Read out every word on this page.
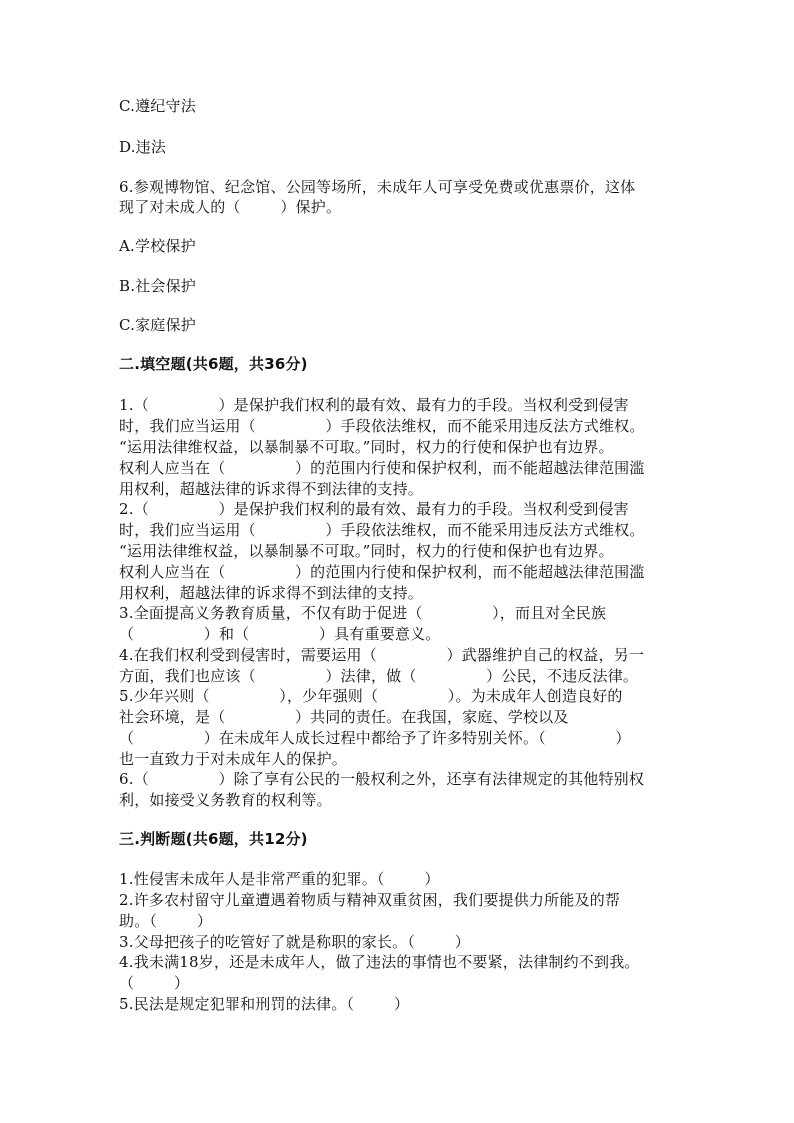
C.遵纪守法
D.违法
6.参观博物馆、纪念馆、公园等场所，未成年人可享受免费或优惠票价，这体
现了对未成人的（        ）保护。
A.学校保护
B.社会保护
C.家庭保护
二.填空题(共6题，共36分)
1.（              ）是保护我们权利的最有效、最有力的手段。当权利受到侵害
时，我们应当运用（              ）手段依法维权，而不能采用违反法方式维权。
“运用法律维权益，以暴制暴不可取。”同时，权力的行使和保护也有边界。
权利人应当在（              ）的范围内行使和保护权利，而不能超越法律范围滥
用权利，超越法律的诉求得不到法律的支持。
2.（              ）是保护我们权利的最有效、最有力的手段。当权利受到侵害
时，我们应当运用（              ）手段依法维权，而不能采用违反法方式维权。
“运用法律维权益，以暴制暴不可取。”同时，权力的行使和保护也有边界。
权利人应当在（              ）的范围内行使和保护权利，而不能超越法律范围滥
用权利，超越法律的诉求得不到法律的支持。
3.全面提高义务教育质量，不仅有助于促进（              ），而且对全民族
（              ）和（              ）具有重要意义。
4.在我们权利受到侵害时，需要运用（              ）武器维护自己的权益，另一
方面，我们也应该（              ）法律，做（              ）公民，不违反法律。
5.少年兴则（              ），少年强则（              ）。为未成年人创造良好的
社会环境，是（              ）共同的责任。在我国，家庭、学校以及
（              ）在未成年人成长过程中都给予了许多特别关怀。（              ）
也一直致力于对未成年人的保护。
6.（              ）除了享有公民的一般权利之外，还享有法律规定的其他特别权
利，如接受义务教育的权利等。
三.判断题(共6题，共12分)
1.性侵害未成年人是非常严重的犯罪。（        ）
2.许多农村留守儿童遭遇着物质与精神双重贫困，我们要提供力所能及的帮
助。（        ）
3.父母把孩子的吃管好了就是称职的家长。（        ）
4.我未满18岁，还是未成年人，做了违法的事情也不要紧，法律制约不到我。
（        ）
5.民法是规定犯罪和刑罚的法律。（        ）
